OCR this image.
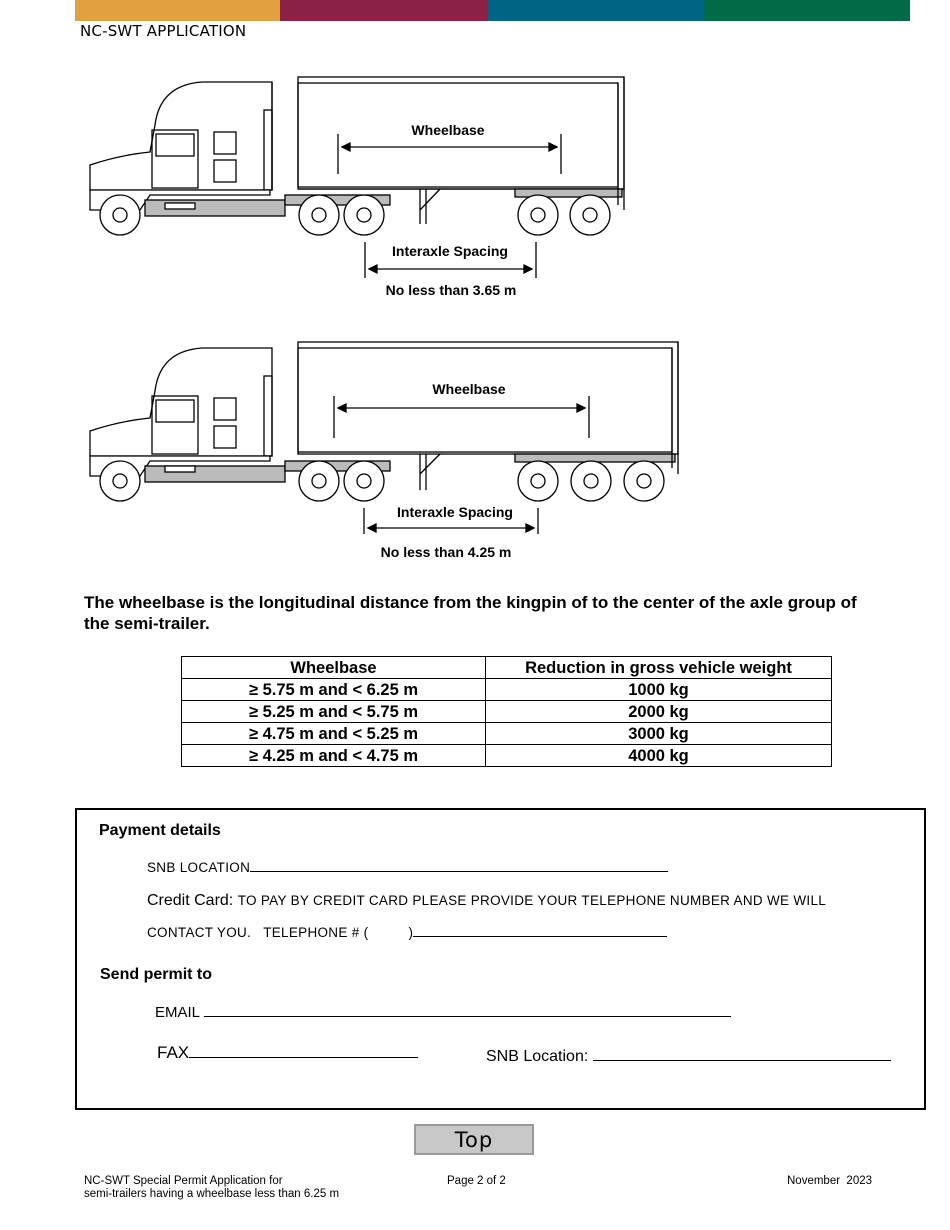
NC-SWT APPLICATION
Wheelbase
Interaxle Spacing
No less than 3.65 m
Wheelbase
Interaxle Spacing
No less than 4.25 m
The wheelbase is the longitudinal distance from the kingpin of to the center of the axle group of the semi-trailer.
Wheelbase	Reduction in gross vehicle weight
≥ 5.75 m and < 6.25 m	1000 kg
≥ 5.25 m and < 5.75 m	2000 kg
≥ 4.75 m and < 5.25 m	3000 kg
≥ 4.25 m and < 4.75 m	4000 kg
Payment details
SNB LOCATION
Credit Card: TO PAY BY CREDIT CARD PLEASE PROVIDE YOUR TELEPHONE NUMBER AND WE WILL
CONTACT YOU. TELEPHONE # (	)
Send permit to
EMAIL
FAX	SNB Location:
Top
NC-SWT Special Permit Application for
semi-trailers having a wheelbase less than 6.25 m
Page 2 of 2	November  2023
